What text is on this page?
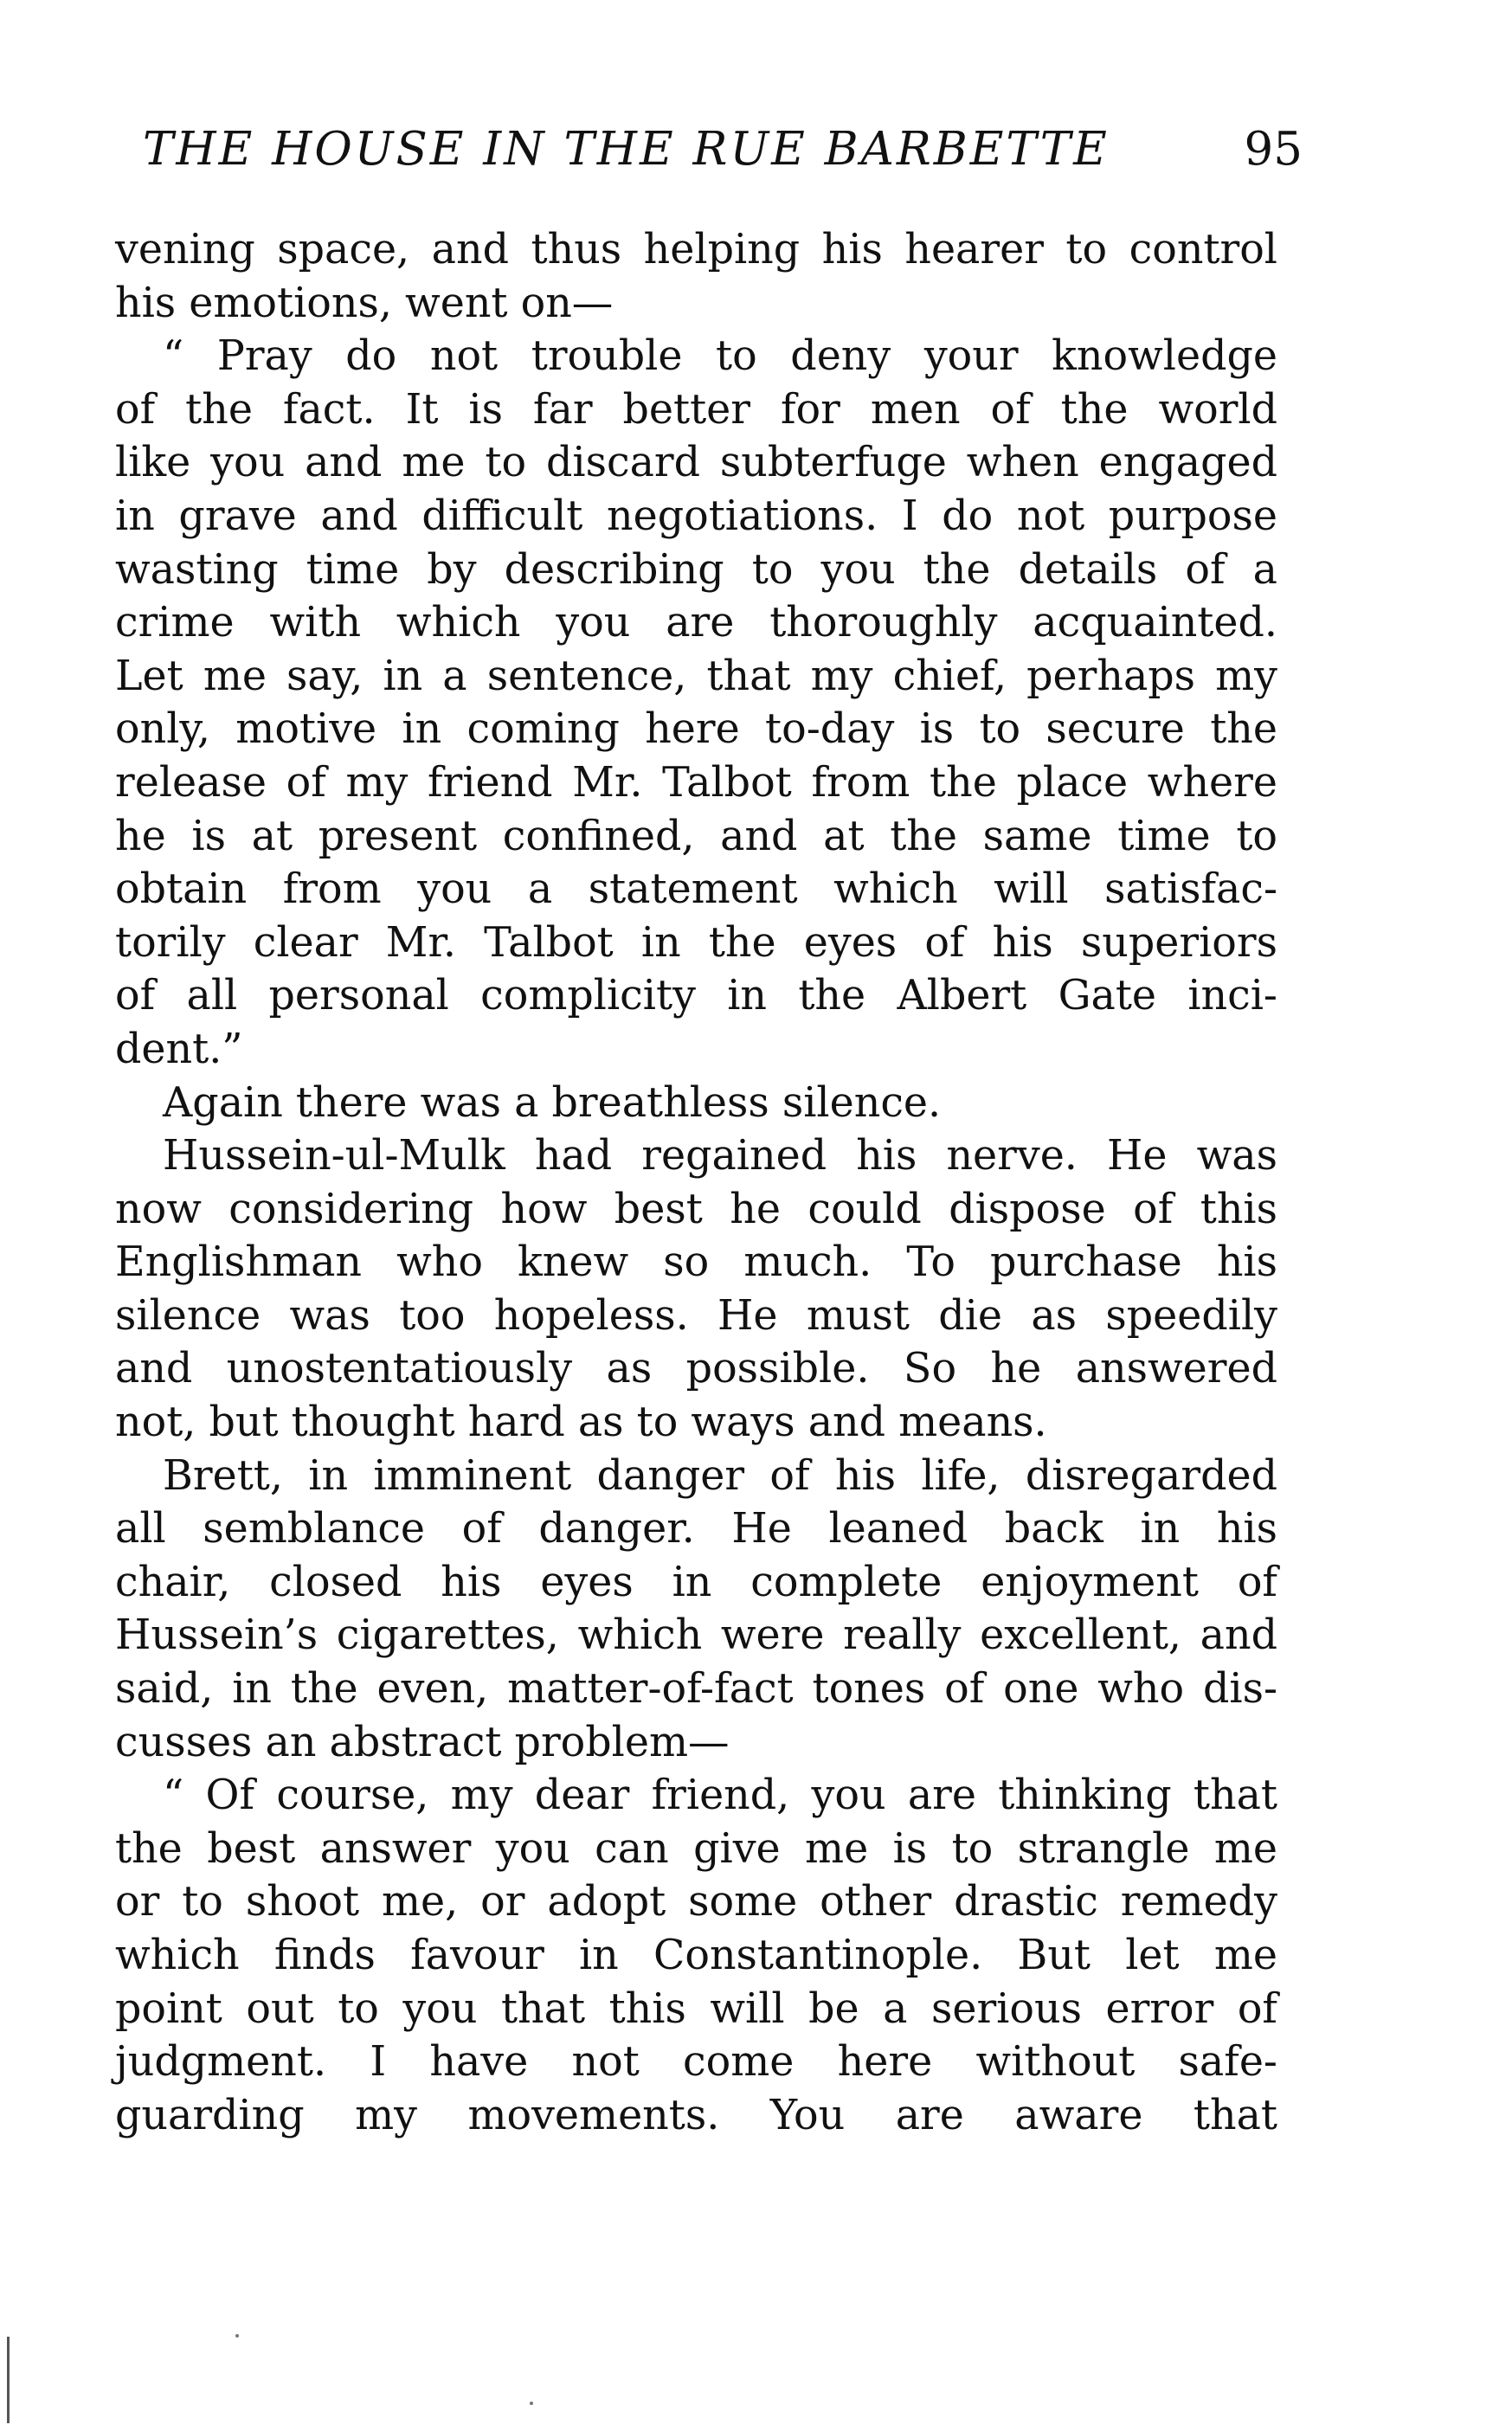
THE HOUSE IN THE RUE BARBETTE	95
vening space, and thus helping his hearer to control
his emotions, went on—
“ Pray do not trouble to deny your knowledge
of the fact. It is far better for men of the world
like you and me to discard subterfuge when engaged
in grave and difficult negotiations. I do not purpose
wasting time by describing to you the details of a
crime with which you are thoroughly acquainted.
Let me say, in a sentence, that my chief, perhaps my
only, motive in coming here to-day is to secure the
release of my friend Mr. Talbot from the place where
he is at present confined, and at the same time to
obtain from you a statement which will satisfac-
torily clear Mr. Talbot in the eyes of his superiors
of all personal complicity in the Albert Gate inci-
dent.”
Again there was a breathless silence.
Hussein-ul-Mulk had regained his nerve. He was
now considering how best he could dispose of this
Englishman who knew so much. To purchase his
silence was too hopeless. He must die as speedily
and unostentatiously as possible. So he answered
not, but thought hard as to ways and means.
Brett, in imminent danger of his life, disregarded
all semblance of danger. He leaned back in his
chair, closed his eyes in complete enjoyment of
Hussein’s cigarettes, which were really excellent, and
said, in the even, matter-of-fact tones of one who dis-
cusses an abstract problem—
“ Of course, my dear friend, you are thinking that
the best answer you can give me is to strangle me
or to shoot me, or adopt some other drastic remedy
which finds favour in Constantinople. But let me
point out to you that this will be a serious error of
judgment. I have not come here without safe-
guarding my movements. You are aware that
